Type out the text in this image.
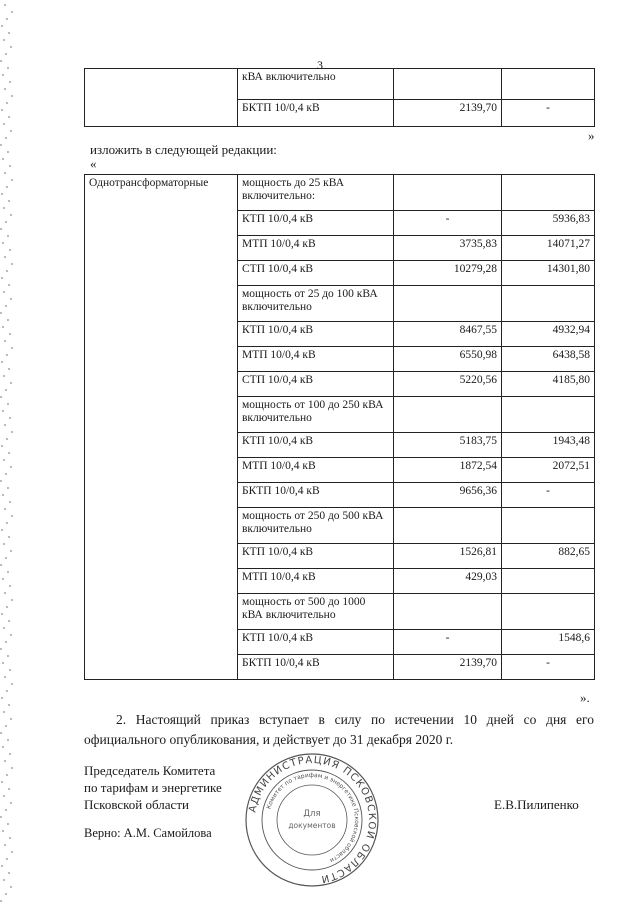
3
	кВА включительно		
	БКТП 10/0,4 кВ	2139,70	-
»
изложить в следующей редакции:
«
Однотрансформаторные	мощность до 25 кВА включительно:		
	КТП 10/0,4 кВ	-	5936,83
	МТП 10/0,4 кВ	3735,83	14071,27
	СТП 10/0,4 кВ	10279,28	14301,80
	мощность от 25 до 100 кВА включительно		
	КТП 10/0,4 кВ	8467,55	4932,94
	МТП 10/0,4 кВ	6550,98	6438,58
	СТП 10/0,4 кВ	5220,56	4185,80
	мощность от 100 до 250 кВА включительно		
	КТП 10/0,4 кВ	5183,75	1943,48
	МТП 10/0,4 кВ	1872,54	2072,51
	БКТП 10/0,4 кВ	9656,36	-
	мощность от 250 до 500 кВА включительно		
	КТП 10/0,4 кВ	1526,81	882,65
	МТП 10/0,4 кВ	429,03	
	мощность от 500 до 1000 кВА включительно		
	КТП 10/0,4 кВ	-	1548,6
	БКТП 10/0,4 кВ	2139,70	-
».
2. Настоящий приказ вступает в силу по истечении 10 дней со дня его официального опубликования, и действует до 31 декабря 2020 г.
Председатель Комитета
по тарифам и энергетике
Псковской области	Е.В.Пилипенко
Верно: А.М. Самойлова
АДМИНИСТРАЦИЯ ПСКОВСКОЙ ОБЛАСТИ
Комитет по тарифам и энергетике Псковской области
Для
документов
